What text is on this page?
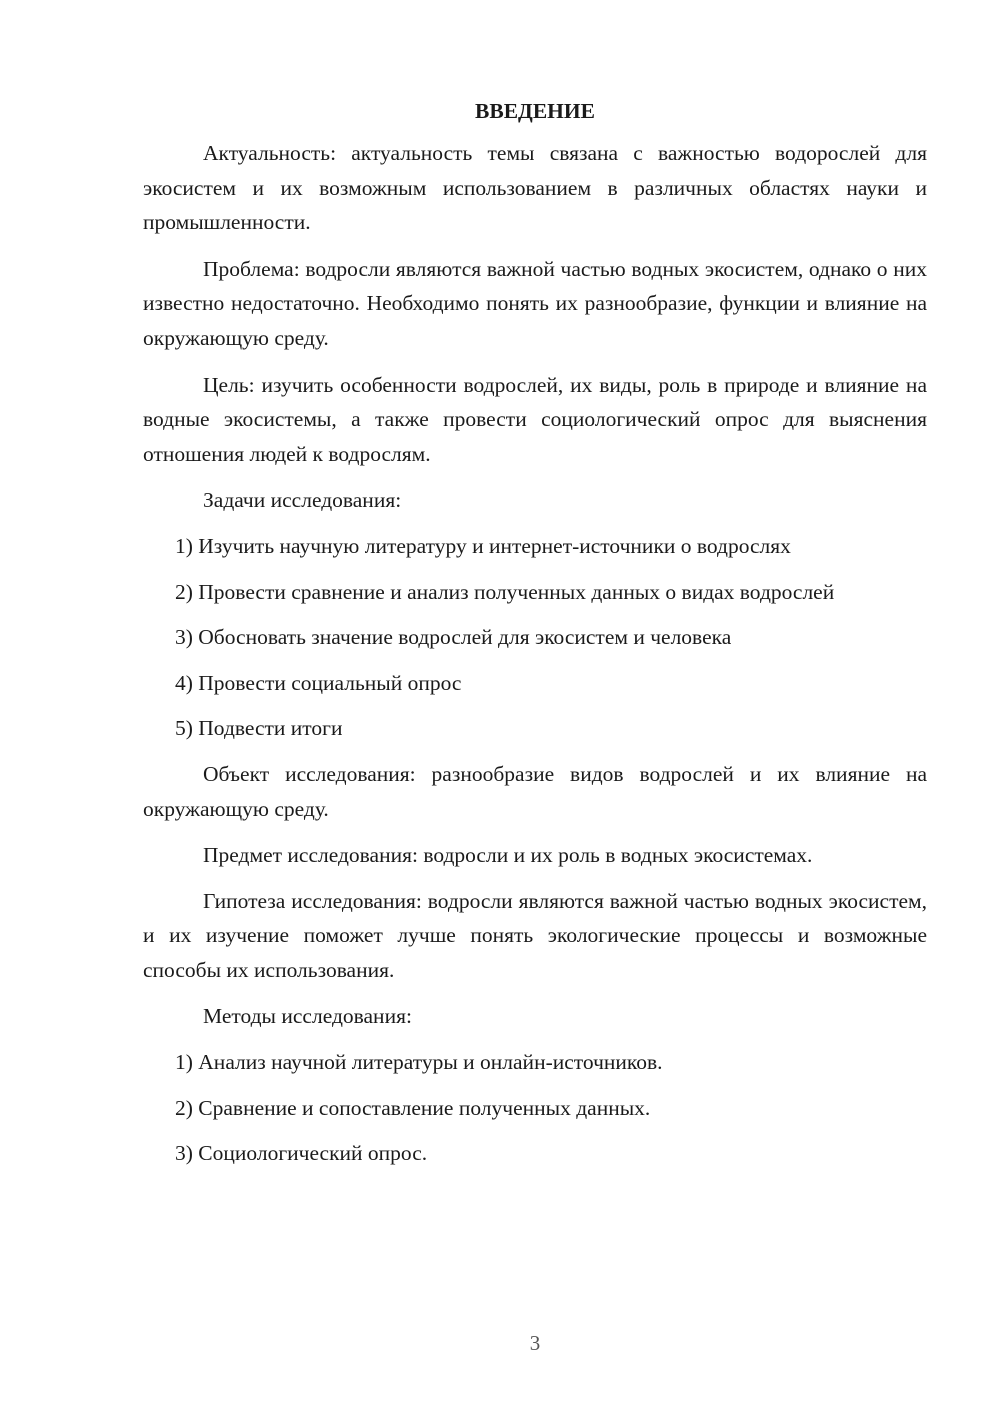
ВВЕДЕНИЕ

Актуальность: актуальность темы связана с важностью водорослей для экосистем и их возможным использованием в различных областях науки и промышленности.

Проблема: водросли являются важной частью водных экосистем, однако о них известно недостаточно. Необходимо понять их разнообразие, функции и влияние на окружающую среду.

Цель: изучить особенности водрослей, их виды, роль в природе и влияние на водные экосистемы, а также провести социологический опрос для выяснения отношения людей к водрослям.

Задачи исследования:

1) Изучить научную литературу и интернет-источники о водрослях

2) Провести сравнение и анализ полученных данных о видах водрослей

3) Обосновать значение водрослей для экосистем и человека

4) Провести социальный опрос

5) Подвести итоги

Объект исследования: разнообразие видов водрослей и их влияние на окружающую среду.

Предмет исследования: водросли и их роль в водных экосистемах.

Гипотеза исследования: водросли являются важной частью водных экосистем, и их изучение поможет лучше понять экологические процессы и возможные способы их использования.

Методы исследования:

1) Анализ научной литературы и онлайн-источников.

2) Сравнение и сопоставление полученных данных.

3) Социологический опрос.

3
